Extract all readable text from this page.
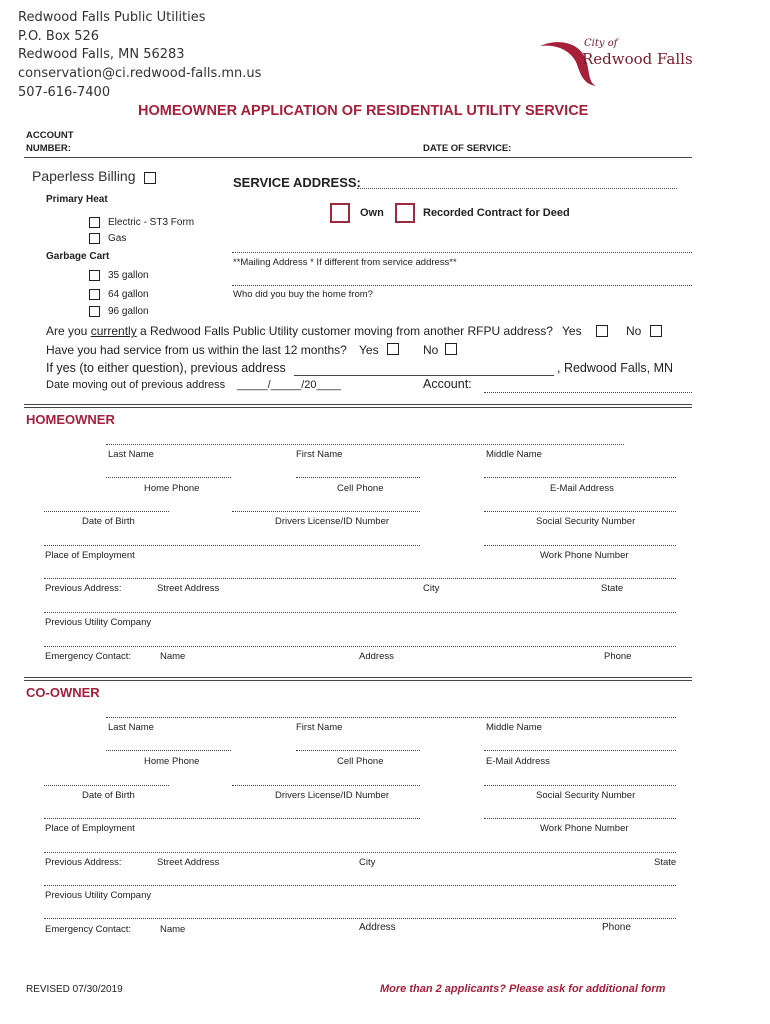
Redwood Falls Public Utilities
P.O. Box 526
Redwood Falls, MN 56283
conservation@ci.redwood-falls.mn.us
507-616-7400
City of
Redwood Falls
HOMEOWNER APPLICATION OF RESIDENTIAL UTILITY SERVICE
ACCOUNT
NUMBER:	DATE OF SERVICE:
Paperless Billing	SERVICE ADDRESS:
Primary Heat
Electric - ST3 Form
Gas
Own	Recorded Contract for Deed
Garbage Cart
35 gallon
64 gallon
96 gallon
**Mailing Address * If different from service address**
Who did you buy the home from?
Are you currently a Redwood Falls Public Utility customer moving from another RFPU address? Yes	No
Have you had service from us within the last 12 months? Yes	No
If yes (to either question), previous address	, Redwood Falls, MN
Date moving out of previous address _____/_____/20____	Account:
HOMEOWNER
Last Name	First Name	Middle Name
Home Phone	Cell Phone	E-Mail Address
Date of Birth	Drivers License/ID Number	Social Security Number
Place of Employment	Work Phone Number
Previous Address:	Street Address	City	State
Previous Utility Company
Emergency Contact:	Name	Address	Phone
CO-OWNER
Last Name	First Name	Middle Name
Home Phone	Cell Phone	E-Mail Address
Date of Birth	Drivers License/ID Number	Social Security Number
Place of Employment	Work Phone Number
Previous Address:	Street Address	City	State
Previous Utility Company
Emergency Contact:	Name	Address	Phone
REVISED 07/30/2019	More than 2 applicants? Please ask for additional form
